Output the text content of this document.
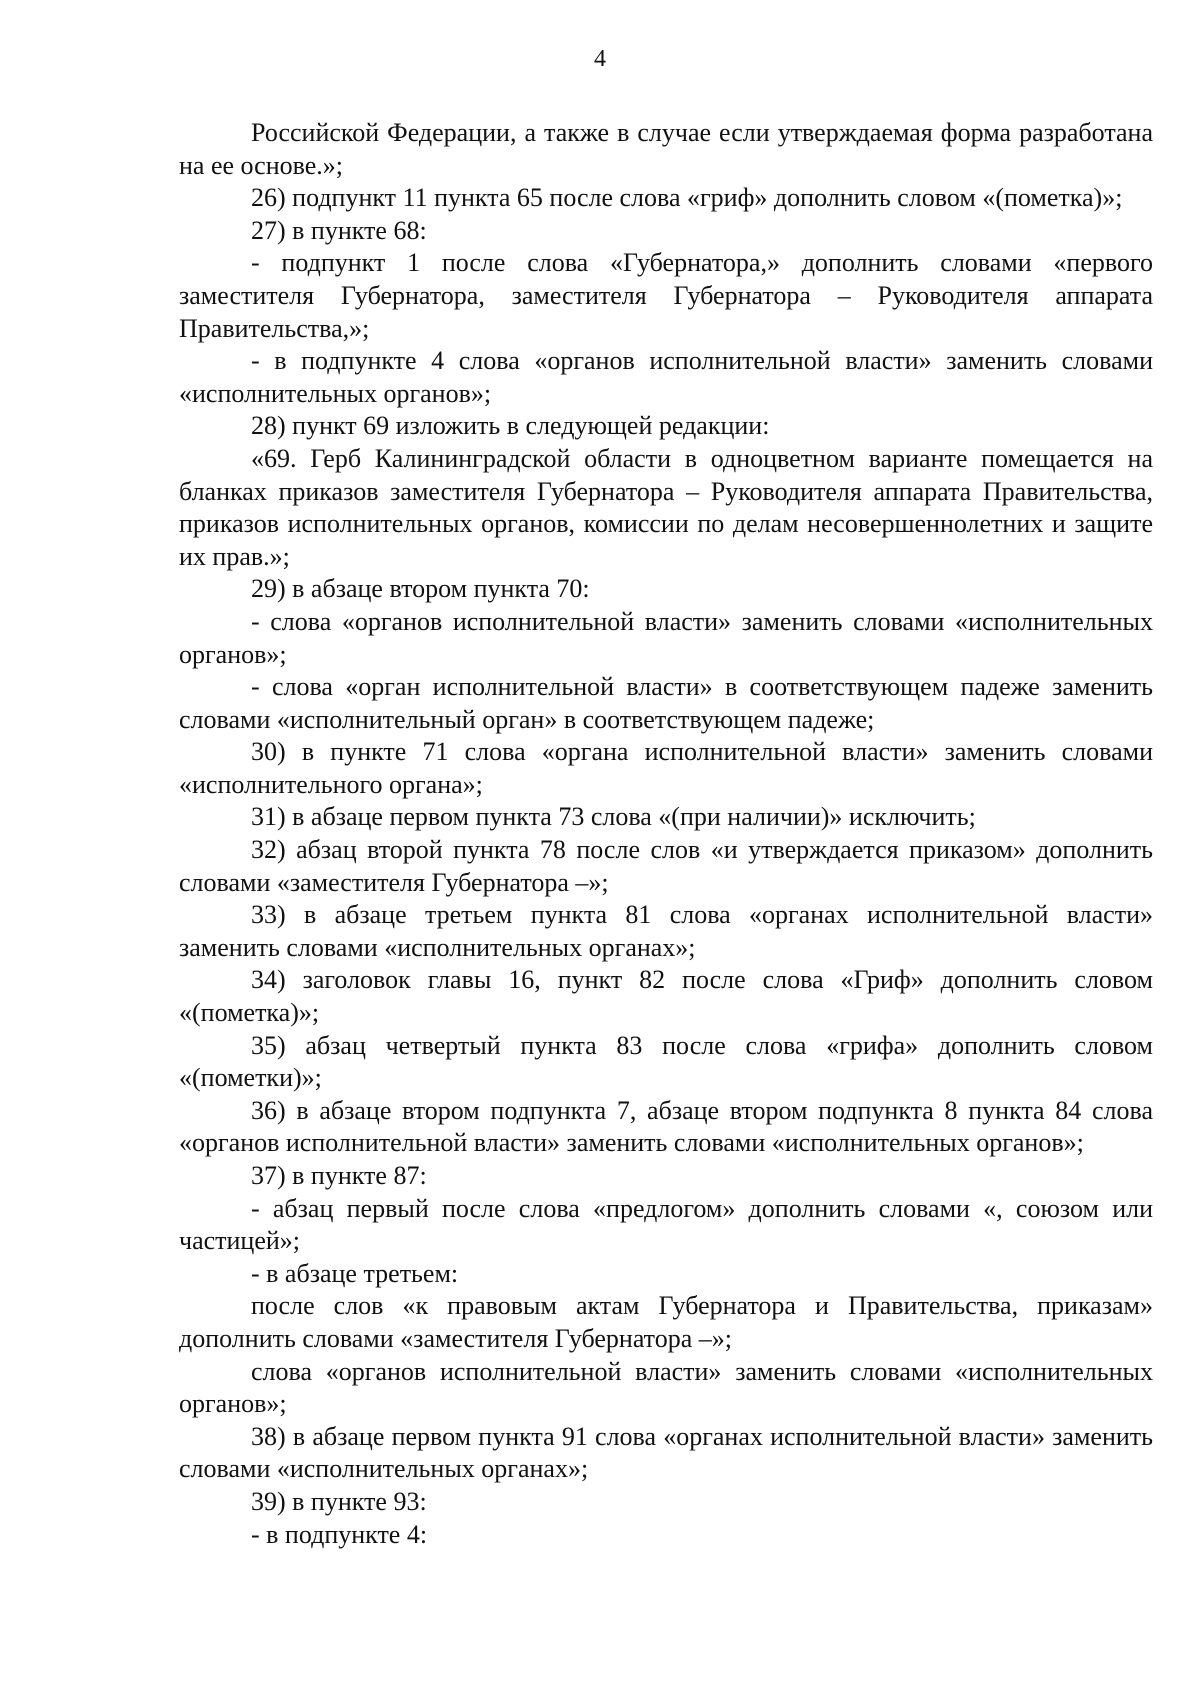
4

Российской Федерации, а также в случае если утверждаемая форма разработана на ее основе.»;

26) подпункт 11 пункта 65 после слова «гриф» дополнить словом «(пометка)»;

27) в пункте 68:

- подпункт 1 после слова «Губернатора,» дополнить словами «первого заместителя Губернатора, заместителя Губернатора – Руководителя аппарата Правительства,»;

- в подпункте 4 слова «органов исполнительной власти» заменить словами «исполнительных органов»;

28) пункт 69 изложить в следующей редакции:

«69. Герб Калининградской области в одноцветном варианте помещается на бланках приказов заместителя Губернатора – Руководителя аппарата Правительства, приказов исполнительных органов, комиссии по делам несовершеннолетних и защите их прав.»;

29) в абзаце втором пункта 70:

- слова «органов исполнительной власти» заменить словами «исполнительных органов»;

- слова «орган исполнительной власти» в соответствующем падеже заменить словами «исполнительный орган» в соответствующем падеже;

30) в пункте 71 слова «органа исполнительной власти» заменить словами «исполнительного органа»;

31) в абзаце первом пункта 73 слова «(при наличии)» исключить;

32) абзац второй пункта 78 после слов «и утверждается приказом» дополнить словами «заместителя Губернатора –»;

33) в абзаце третьем пункта 81 слова «органах исполнительной власти» заменить словами «исполнительных органах»;

34) заголовок главы 16, пункт 82 после слова «Гриф» дополнить словом «(пометка)»;

35) абзац четвертый пункта 83 после слова «грифа» дополнить словом «(пометки)»;

36) в абзаце втором подпункта 7, абзаце втором подпункта 8 пункта 84 слова «органов исполнительной власти» заменить словами «исполнительных органов»;

37) в пункте 87:

- абзац первый после слова «предлогом» дополнить словами «, союзом или частицей»;

- в абзаце третьем:

после слов «к правовым актам Губернатора и Правительства, приказам» дополнить словами «заместителя Губернатора –»;

слова «органов исполнительной власти» заменить словами «исполнительных органов»;

38) в абзаце первом пункта 91 слова «органах исполнительной власти» заменить словами «исполнительных органах»;

39) в пункте 93:

- в подпункте 4:
